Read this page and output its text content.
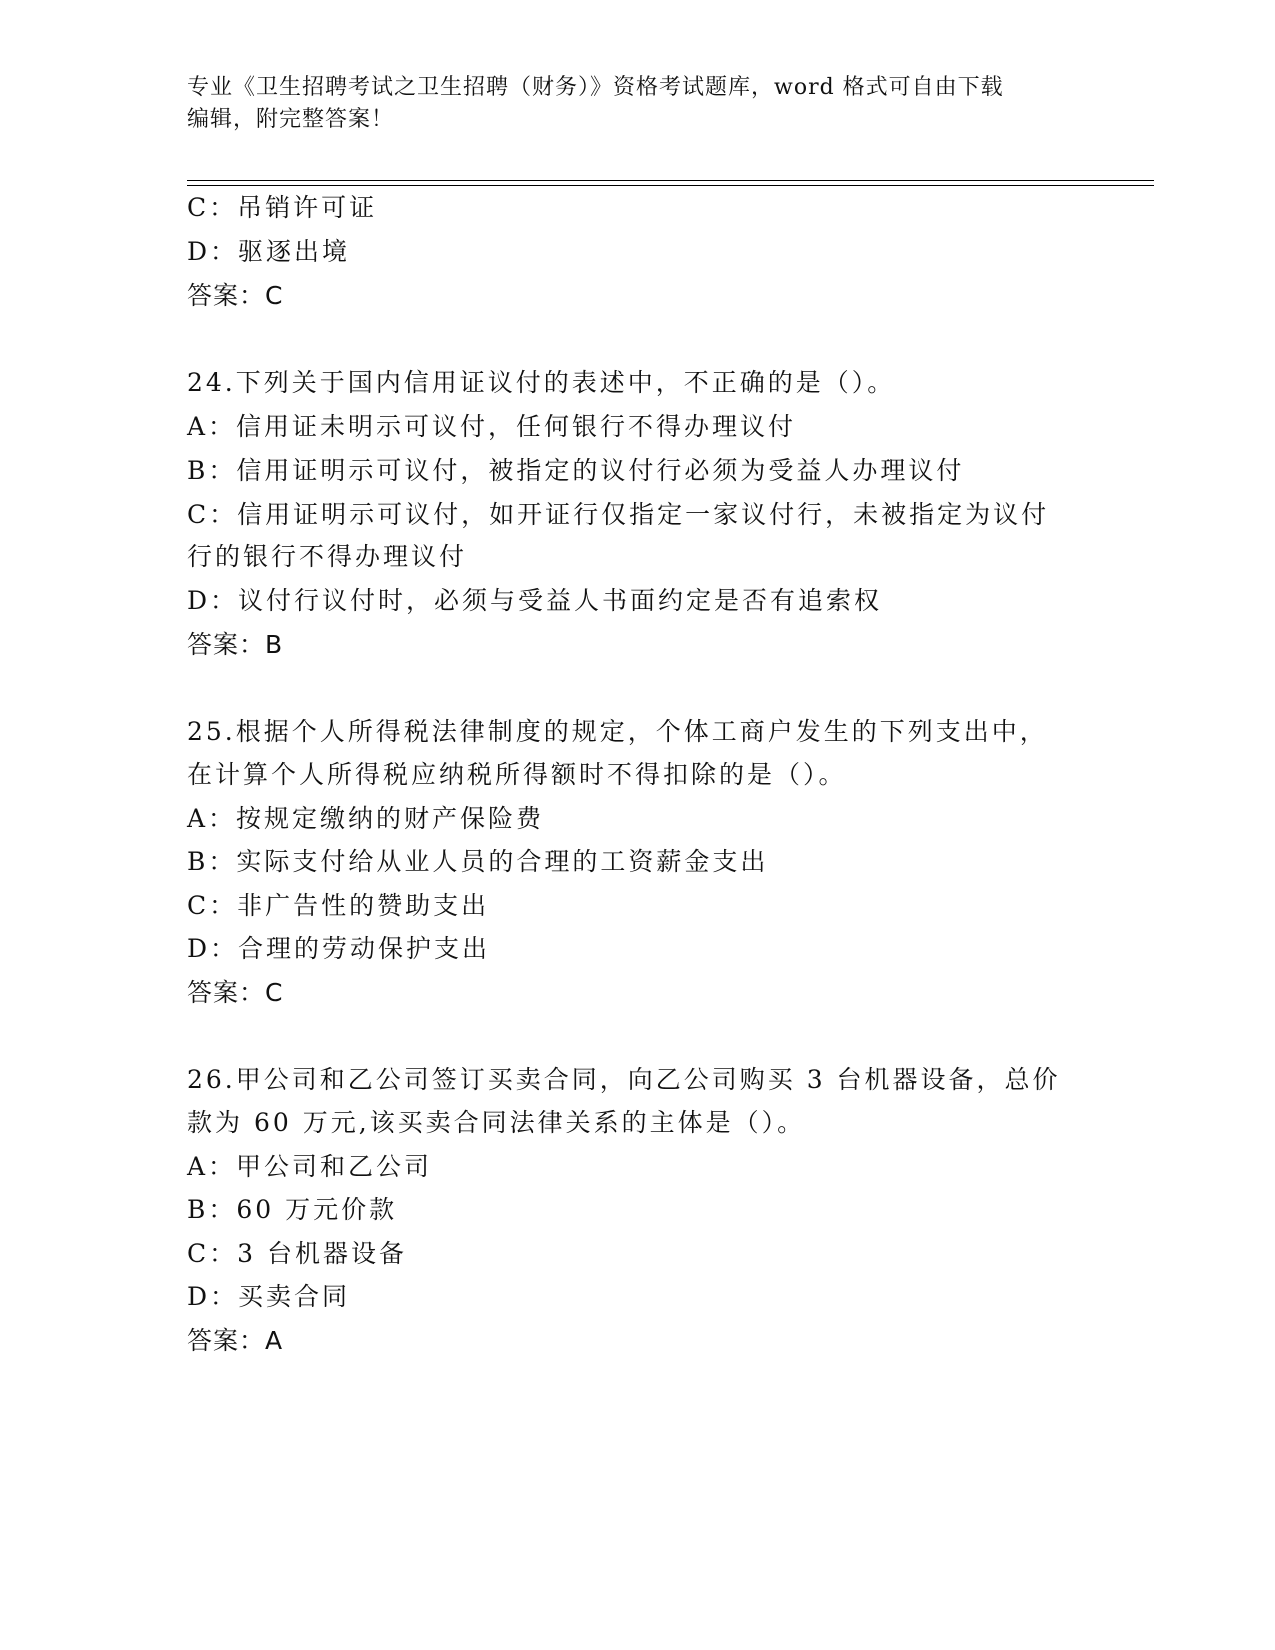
专业《卫生招聘考试之卫生招聘（财务）》资格考试题库，word 格式可自由下载
编辑，附完整答案！
C：吊销许可证
D：驱逐出境
答案：C
24.下列关于国内信用证议付的表述中，不正确的是（）。
A：信用证未明示可议付，任何银行不得办理议付
B：信用证明示可议付，被指定的议付行必须为受益人办理议付
C：信用证明示可议付，如开证行仅指定一家议付行，未被指定为议付
行的银行不得办理议付
D：议付行议付时，必须与受益人书面约定是否有追索权
答案：B
25.根据个人所得税法律制度的规定，个体工商户发生的下列支出中，
在计算个人所得税应纳税所得额时不得扣除的是（）。
A：按规定缴纳的财产保险费
B：实际支付给从业人员的合理的工资薪金支出
C：非广告性的赞助支出
D：合理的劳动保护支出
答案：C
26.甲公司和乙公司签订买卖合同，向乙公司购买 3 台机器设备，总价
款为 60 万元,该买卖合同法律关系的主体是（）。
A：甲公司和乙公司
B：60 万元价款
C：3 台机器设备
D：买卖合同
答案：A
